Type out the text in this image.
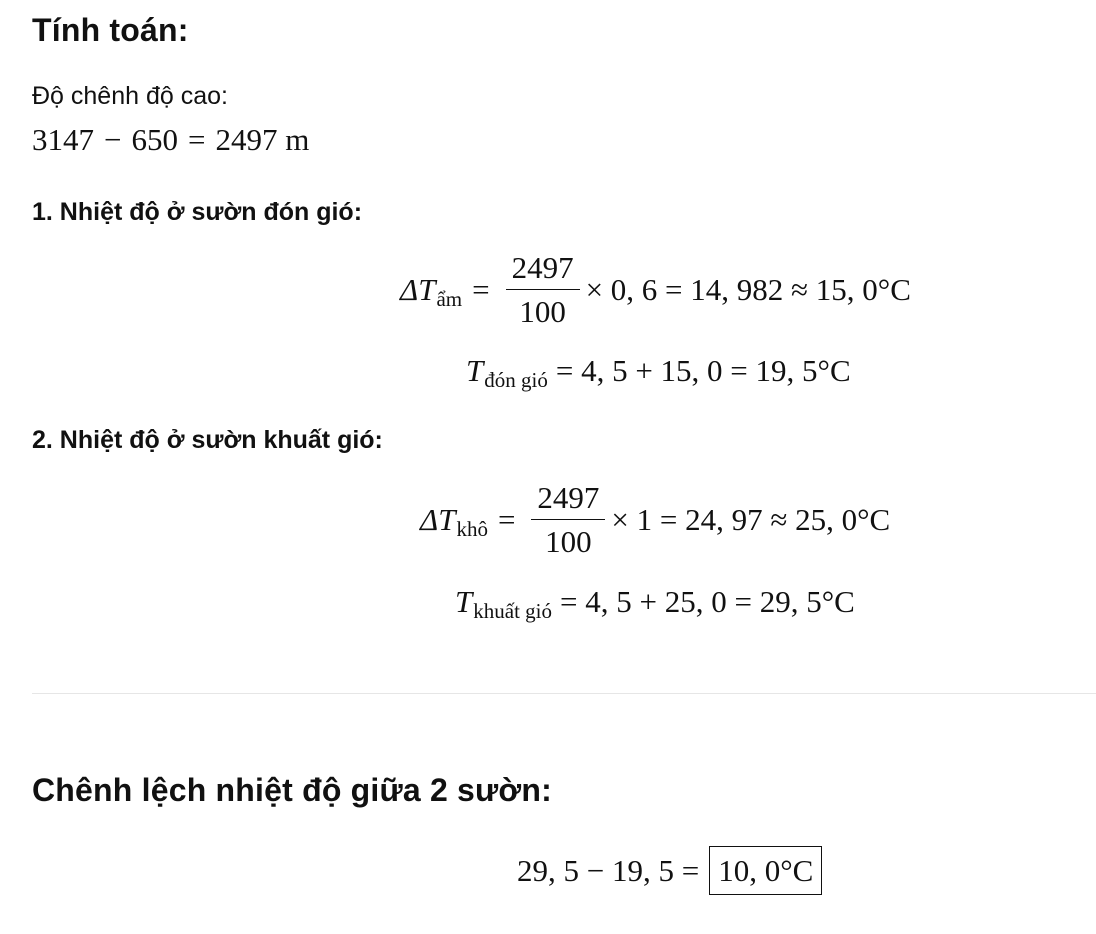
Tính toán:
Độ chênh độ cao:
3147 − 650 = 2497 m
1. Nhiệt độ ở sườn đón gió:
ΔT ẩm = $\frac{2497}{100} \times 0$, 6 = 14, 982 ≈ 15, 0°C
T đón gió = 4, 5 + 15, 0 = 19, 5°C
2. Nhiệt độ ở sườn khuất gió:
ΔT khô = $\frac{2497}{100} \times 1 = 24$, 97 ≈ 25, 0°C
T khuất gió = 4, 5 + 25, 0 = 29, 5°C
Chênh lệch nhiệt độ giữa 2 sườn:
29, 5 − 19, 5 = 10, 0°C
